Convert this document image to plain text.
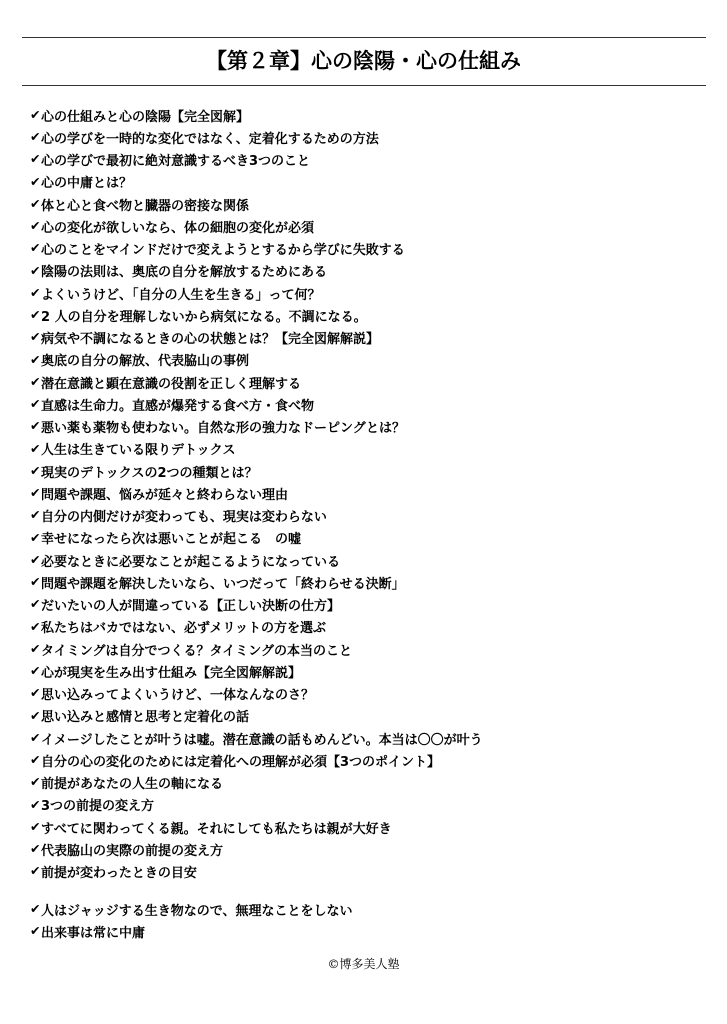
【第２章】心の陰陽・心の仕組み
✔ 心の仕組みと心の陰陽【完全図解】
✔ 心の学びを一時的な変化ではなく、定着化するための方法
✔ 心の学びで最初に絶対意識するべき3つのこと
✔ 心の中庸とは？
✔ 体と心と食べ物と臓器の密接な関係
✔ 心の変化が欲しいなら、体の細胞の変化が必須
✔ 心のことをマインドだけで変えようとするから学びに失敗する
✔ 陰陽の法則は、奥底の自分を解放するためにある
✔ よくいうけど、「自分の人生を生きる」って何？
✔ 2 人の自分を理解しないから病気になる。不調になる。
✔ 病気や不調になるときの心の状態とは？【完全図解解説】
✔ 奥底の自分の解放、代表脇山の事例
✔ 潜在意識と顕在意識の役割を正しく理解する
✔ 直感は生命力。直感が爆発する食べ方・食べ物
✔ 悪い薬も薬物も使わない。自然な形の強力なドーピングとは？
✔ 人生は生きている限りデトックス
✔ 現実のデトックスの2つの種類とは？
✔ 問題や課題、悩みが延々と終わらない理由
✔ 自分の内側だけが変わっても、現実は変わらない
✔ 幸せになったら次は悪いことが起こる　の嘘
✔ 必要なときに必要なことが起こるようになっている
✔ 問題や課題を解決したいなら、いつだって「終わらせる決断」
✔ だいたいの人が間違っている【正しい決断の仕方】
✔ 私たちはバカではない、必ずメリットの方を選ぶ
✔ タイミングは自分でつくる？タイミングの本当のこと
✔ 心が現実を生み出す仕組み【完全図解解説】
✔ 思い込みってよくいうけど、一体なんなのさ？
✔ 思い込みと感情と思考と定着化の話
✔ イメージしたことが叶うは嘘。潜在意識の話もめんどい。本当は〇〇が叶う
✔ 自分の心の変化のためには定着化への理解が必須【3つのポイント】
✔ 前提があなたの人生の軸になる
✔ 3つの前提の変え方
✔ すべてに関わってくる親。それにしても私たちは親が大好き
✔ 代表脇山の実際の前提の変え方
✔ 前提が変わったときの目安
✔ 人はジャッジする生き物なので、無理なことをしない
✔ 出来事は常に中庸
©博多美人塾
